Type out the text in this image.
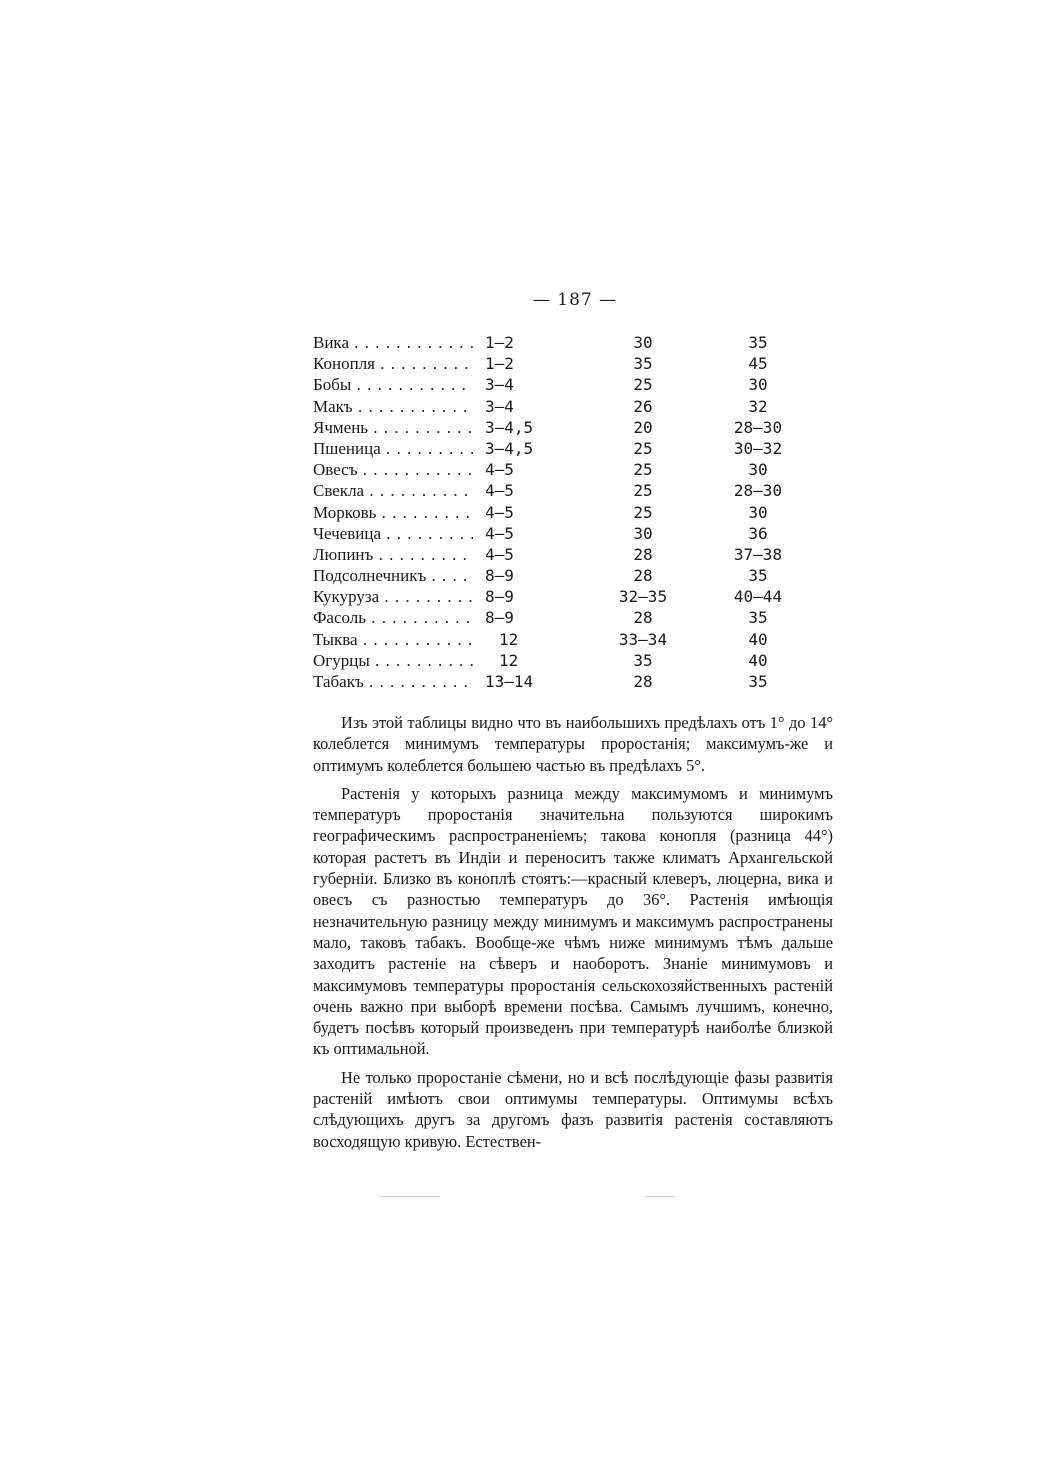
— 187 —
Вика . . .	1—2	30	35
Конопля . . .	1—2	35	45
Бобы . . .	3—4	25	30
Макъ . . .	3—4	26	32
Ячмень . . .	3—4,5	20	28—30
Пшеница . . .	3—4,5	25	30—32
Овесъ . . .	4—5	25	30
Свекла . . .	4—5	25	28—30
Морковь . . .	4—5	25	30
Чечевица . . .	4—5	30	36
Люпинъ . . .	4—5	28	37—38
Подсолнечникъ . . .	8—9	28	35
Кукуруза . . .	8—9	32—35	40—44
Фасоль . . .	8—9	28	35
Тыква . . .	12	33—34	40
Огурцы . . .	12	35	40
Табакъ . . .	13—14	28	35

Изъ этой таблицы видно что въ наибольшихъ предѣлахъ отъ 1° до 14° колеблется минимумъ температуры проростанія; максимумъ-же и оптимумъ колеблется большею частью въ предѣлахъ 5°.

Растенія у которыхъ разница между максимумомъ и минимумъ температуръ проростанія значительна пользуются широкимъ географическимъ распространеніемъ; такова конопля (разница 44°) которая растетъ въ Индіи и переноситъ также климатъ Архангельской губерніи. Близко въ коноплѣ стоятъ:—красный клеверъ, люцерна, вика и овесъ съ разностью температуръ до 36°. Растенія имѣющія незначительную разницу между минимумъ и максимумъ распространены мало, таковъ табакъ. Вообще-же чѣмъ ниже минимумъ тѣмъ дальше заходитъ растеніе на сѣверъ и наоборотъ. Знаніе минимумовъ и максимумовъ температуры проростанія сельскохозяйственныхъ растеній очень важно при выборѣ времени посѣва. Самымъ лучшимъ, конечно, будетъ посѣвъ который произведенъ при температурѣ наиболѣе близкой къ оптимальной.

Не только проростаніе сѣмени, но и всѣ послѣдующіе фазы развитія растеній имѣютъ свои оптимумы температуры. Оптимумы всѣхъ слѣдующихъ другъ за другомъ фазъ развитія растенія составляютъ восходящую кривую. Естествен-
